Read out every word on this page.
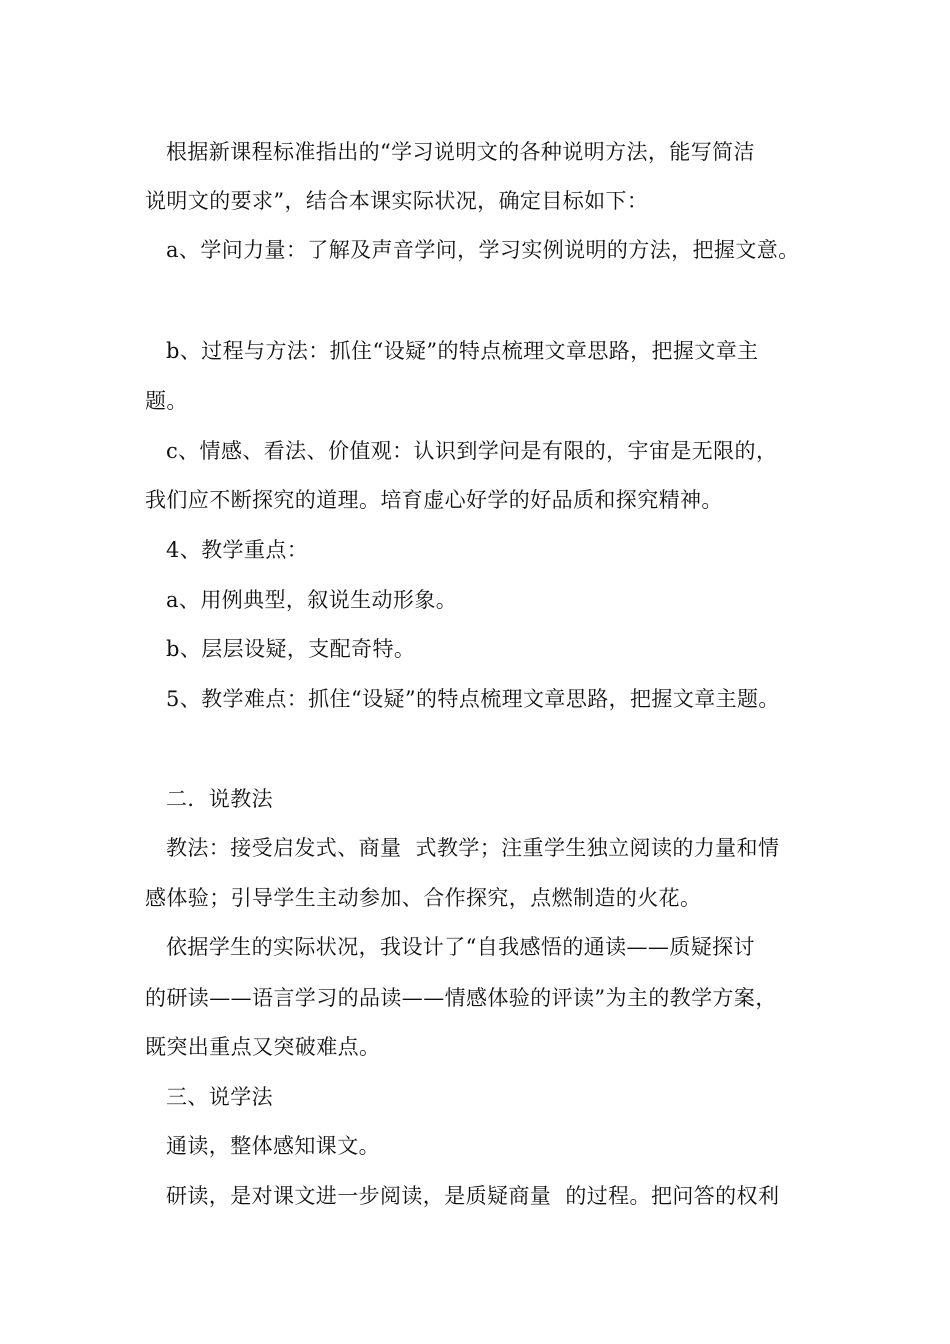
根据新课程标准指出的“学习说明文的各种说明方法，能写简洁
说明文的要求”，结合本课实际状况，确定目标如下：
a、学问力量：了解及声音学问，学习实例说明的方法，把握文意。
b、过程与方法：抓住“设疑”的特点梳理文章思路，把握文章主
题。
c、情感、看法、价值观：认识到学问是有限的，宇宙是无限的，
我们应不断探究的道理。培育虚心好学的好品质和探究精神。
4、教学重点：
a、用例典型，叙说生动形象。
b、层层设疑，支配奇特。
5、教学难点：抓住“设疑”的特点梳理文章思路，把握文章主题。
二．说教法
教法：接受启发式、商量  式教学；注重学生独立阅读的力量和情
感体验；引导学生主动参加、合作探究，点燃制造的火花。
依据学生的实际状况，我设计了“自我感悟的通读——质疑探讨
的研读——语言学习的品读——情感体验的评读”为主的教学方案，
既突出重点又突破难点。
三、说学法
通读，整体感知课文。
研读，是对课文进一步阅读，是质疑商量  的过程。把问答的权利
